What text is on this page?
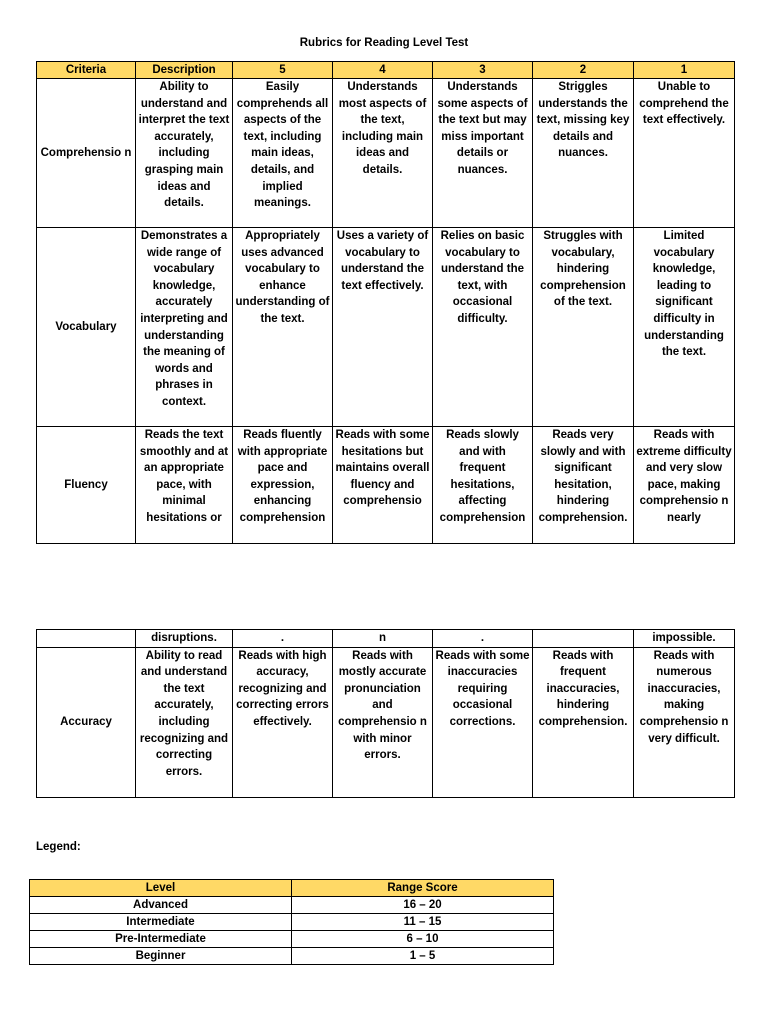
Rubrics for Reading Level Test
Criteria	Description	5	4	3	2	1
Comprehensio n	Ability to understand and interpret the text accurately, including grasping main ideas and details.	Easily comprehends all aspects of the text, including main ideas, details, and implied meanings.	Understands most aspects of the text, including main ideas and details.	Understands some aspects of the text but may miss important details or nuances.	Striggles understands the text, missing key details and nuances.	Unable to comprehend the text effectively.
Vocabulary	Demonstrates a wide range of vocabulary knowledge, accurately interpreting and understanding the meaning of words and phrases in context.	Appropriately uses advanced vocabulary to enhance understanding of the text.	Uses a variety of vocabulary to understand the text effectively.	Relies on basic vocabulary to understand the text, with occasional difficulty.	Struggles with vocabulary, hindering comprehension of the text.	Limited vocabulary knowledge, leading to significant difficulty in understanding the text.
Fluency	Reads the text smoothly and at an appropriate pace, with minimal hesitations or	Reads fluently with appropriate pace and expression, enhancing comprehension	Reads with some hesitations but maintains overall fluency and comprehensio	Reads slowly and with frequent hesitations, affecting comprehension	Reads very slowly and with significant hesitation, hindering comprehension.	Reads with extreme difficulty and very slow pace, making comprehensio n nearly
	disruptions.	.	n	.		impossible.
Accuracy	Ability to read and understand the text accurately, including recognizing and correcting errors.	Reads with high accuracy, recognizing and correcting errors effectively.	Reads with mostly accurate pronunciation and comprehensio n with minor errors.	Reads with some inaccuracies requiring occasional corrections.	Reads with frequent inaccuracies, hindering comprehension.	Reads with numerous inaccuracies, making comprehensio n very difficult.
Legend:
Level	Range Score
Advanced	16 – 20
Intermediate	11 – 15
Pre-Intermediate	6 – 10
Beginner	1 – 5
